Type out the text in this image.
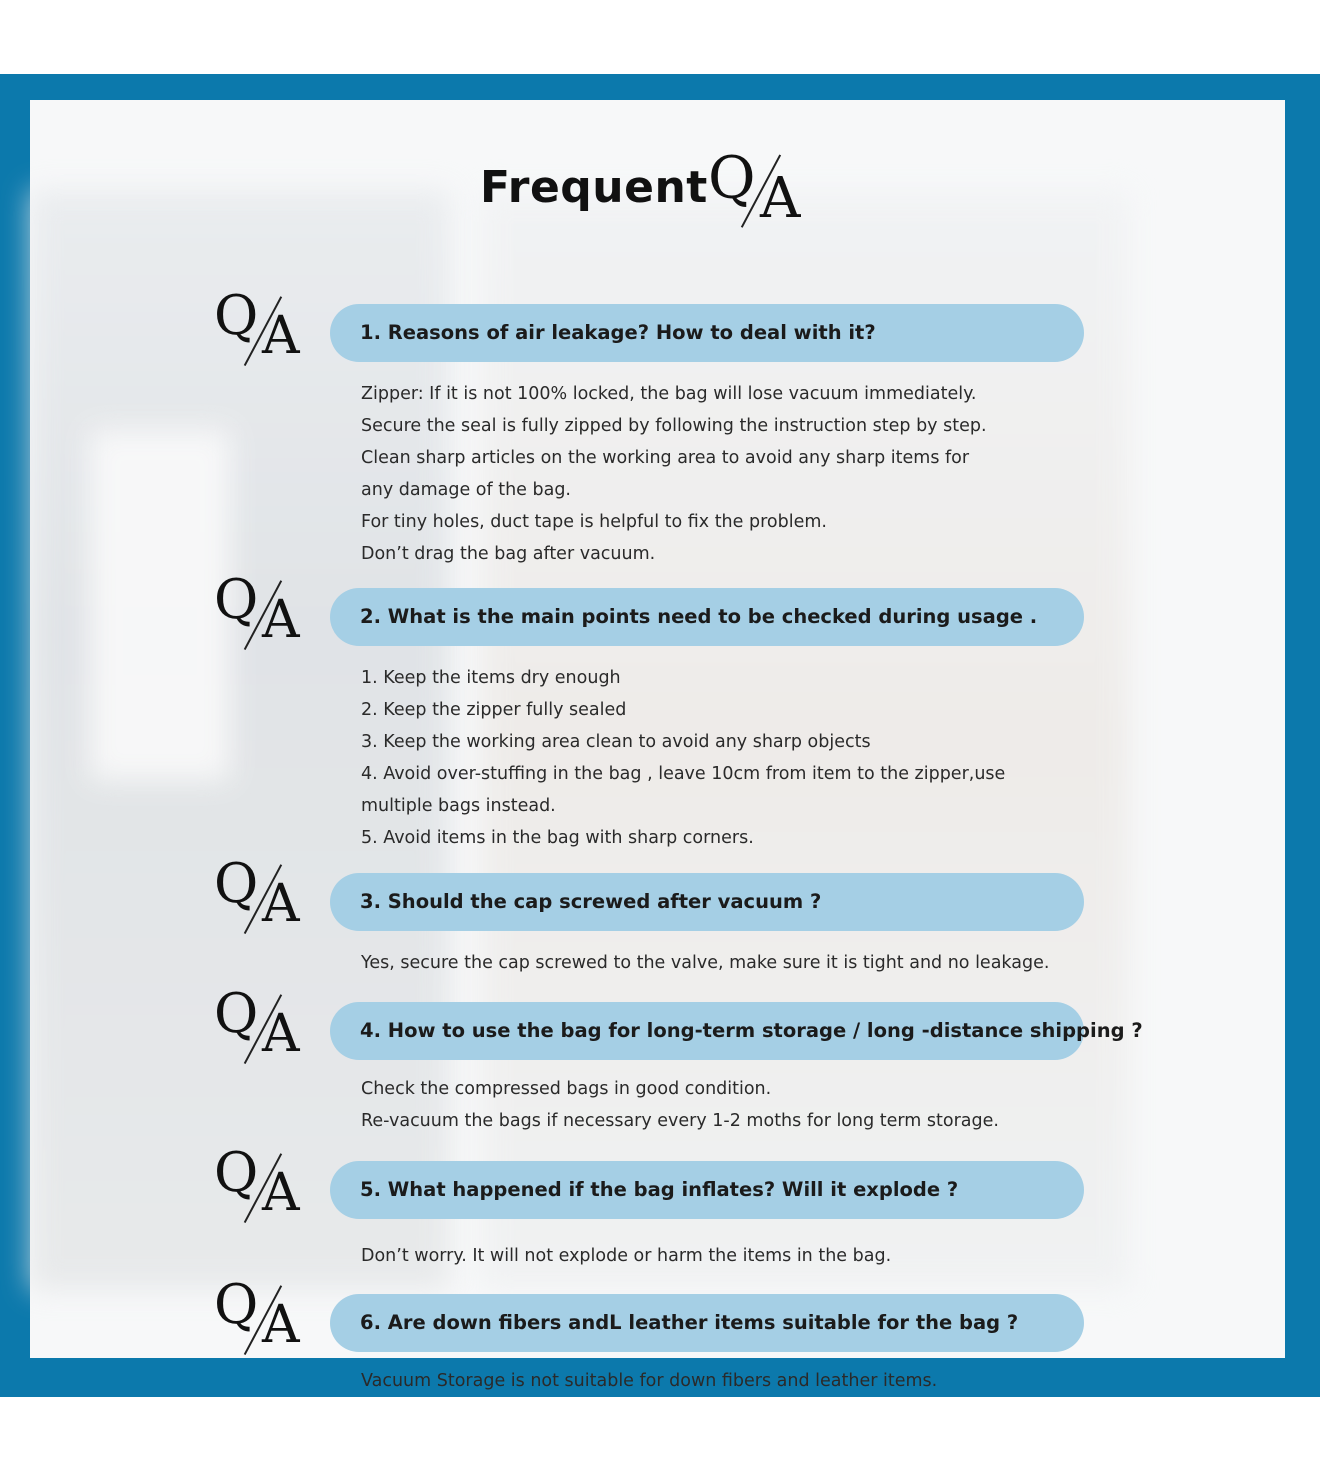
Frequent Q A
Q A	1. Reasons of air leakage? How to deal with it?
Zipper: If it is not 100% locked, the bag will lose vacuum immediately.
Secure the seal is fully zipped by following the instruction step by step.
Clean sharp articles on the working area to avoid any sharp items for
any damage of the bag.
For tiny holes, duct tape is helpful to fix the problem.
Don’t drag the bag after vacuum.
Q A	2. What is the main points need to be checked during usage .
1. Keep the items dry enough
2. Keep the zipper fully sealed
3. Keep the working area clean to avoid any sharp objects
4. Avoid over-stuffing in the bag , leave 10cm from item to the zipper,use
multiple bags instead.
5. Avoid items in the bag with sharp corners.
Q A	3. Should the cap screwed after vacuum ?
Yes, secure the cap screwed to the valve, make sure it is tight and no leakage.
Q A	4. How to use the bag for long-term storage / long -distance shipping ?
Check the compressed bags in good condition.
Re-vacuum the bags if necessary every 1-2 moths for long term storage.
Q A	5. What happened if the bag inflates? Will it explode ?
Don’t worry. It will not explode or harm the items in the bag.
Q A	6. Are down fibers andL leather items suitable for the bag ?
Vacuum Storage is not suitable for down fibers and leather items.
